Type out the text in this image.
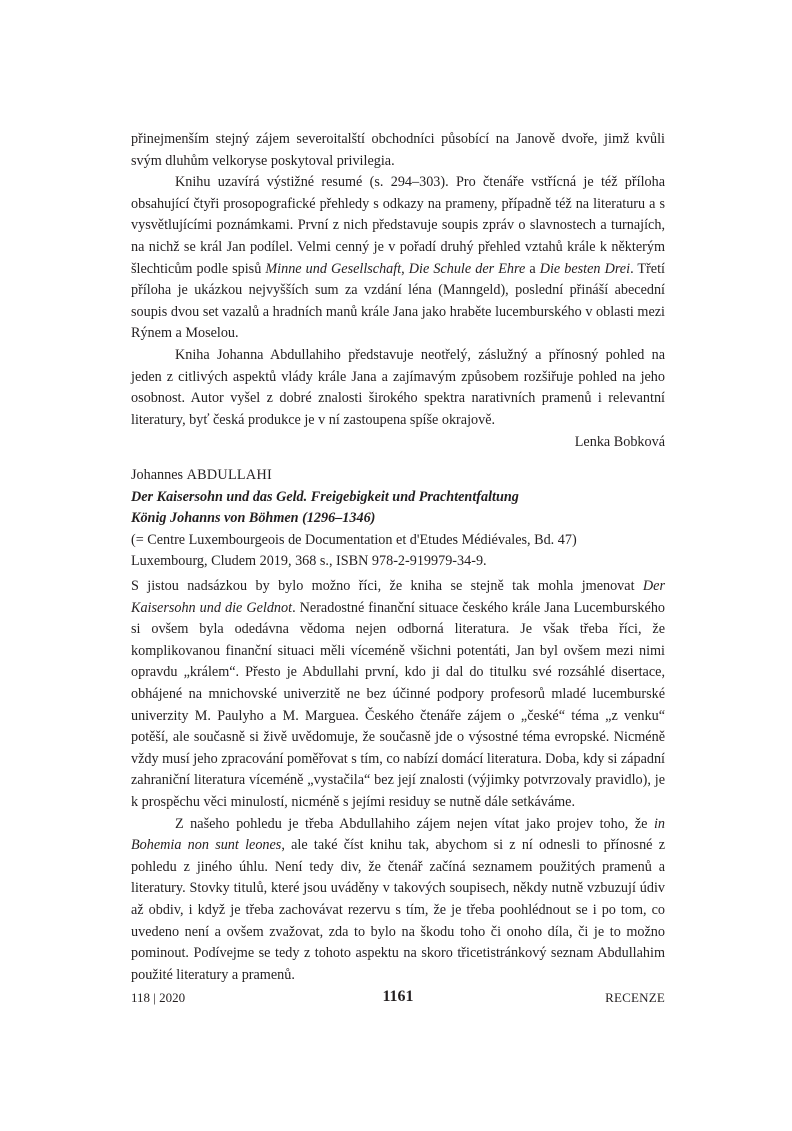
přinejmenším stejný zájem severoitalští obchodníci působící na Janově dvoře, jimž kvůli svým dluhům velkoryse poskytoval privilegia.

Knihu uzavírá výstižné resumé (s. 294–303). Pro čtenáře vstřícná je též příloha obsahující čtyři prosopografické přehledy s odkazy na prameny, případně též na literaturu a s vysvětlujícími poznámkami. První z nich představuje soupis zpráv o slavnostech a turnajích, na nichž se král Jan podílel. Velmi cenný je v pořadí druhý přehled vztahů krále k některým šlechticům podle spisů Minne und Gesellschaft, Die Schule der Ehre a Die besten Drei. Třetí příloha je ukázkou nejvyšších sum za vzdání léna (Manngeld), poslední přináší abecední soupis dvou set vazalů a hradních manů krále Jana jako hraběte lucemburského v oblasti mezi Rýnem a Moselou.

Kniha Johanna Abdullahiho představuje neotřelý, záslužný a přínosný pohled na jeden z citlivých aspektů vlády krále Jana a zajímavým způsobem rozšiřuje pohled na jeho osobnost. Autor vyšel z dobré znalosti širokého spektra narativních pramenů i relevantní literatury, byť česká produkce je v ní zastoupena spíše okrajově.

Lenka Bobková
Johannes ABDULLAHI
Der Kaisersohn und das Geld. Freigebigkeit und Prachtentfaltung
König Johanns von Böhmen (1296–1346)
(= Centre Luxembourgeois de Documentation et d'Etudes Médiévales, Bd. 47)
Luxembourg, Cludem 2019, 368 s., ISBN 978-2-919979-34-9.

S jistou nadsázkou by bylo možno říci, že kniha se stejně tak mohla jmenovat Der Kaisersohn und die Geldnot. Neradostné finanční situace českého krále Jana Lucemburského si ovšem byla odedávna vědoma nejen odborná literatura. Je však třeba říci, že komplikovanou finanční situaci měli víceméně všichni potentáti, Jan byl ovšem mezi nimi opravdu „králem“. Přesto je Abdullahi první, kdo ji dal do titulku své rozsáhlé disertace, obhájené na mnichovské univerzitě ne bez účinné podpory profesorů mladé lucemburské univerzity M. Paulyho a M. Marguea. Českého čtenáře zájem o „české“ téma „z venku“ potěší, ale současně si živě uvědomuje, že současně jde o výsostné téma evropské. Nicméně vždy musí jeho zpracování poměřovat s tím, co nabízí domácí literatura. Doba, kdy si západní zahraniční literatura víceméně „vystačila“ bez její znalosti (výjimky potvrzovaly pravidlo), je k prospěchu věci minulostí, nicméně s jejími residuy se nutně dále setkáváme.

Z našeho pohledu je třeba Abdullahiho zájem nejen vítat jako projev toho, že in Bohemia non sunt leones, ale také číst knihu tak, abychom si z ní odnesli to přínosné z pohledu z jiného úhlu. Není tedy div, že čtenář začíná seznamem použitých pramenů a literatury. Stovky titulů, které jsou uváděny v takových soupisech, někdy nutně vzbuzují údiv až obdiv, i když je třeba zachovávat rezervu s tím, že je třeba poohlédnout se i po tom, co uvedeno není a ovšem zvažovat, zda to bylo na škodu toho či onoho díla, či je to možno pominout. Podívejme se tedy z tohoto aspektu na skoro třicetistránkový seznam Abdullahim použité literatury a pramenů.

118 | 2020	1161	RECENZE
